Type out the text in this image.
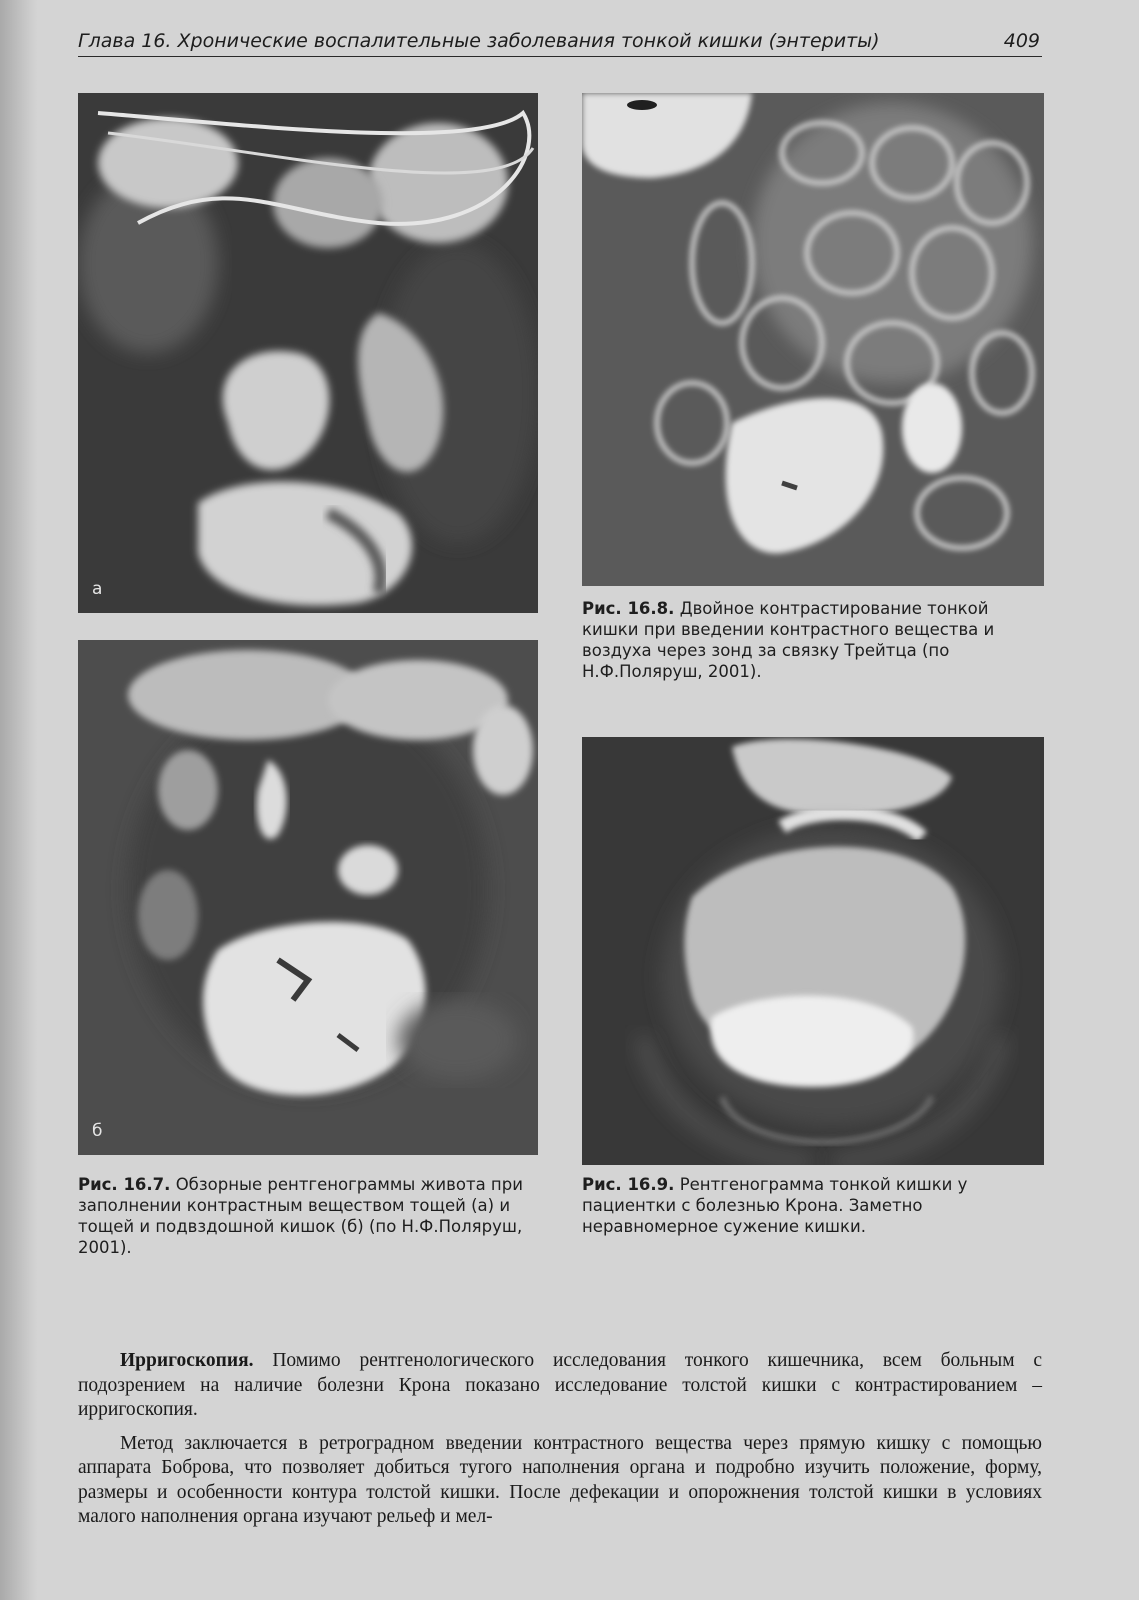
Глава 16. Хронические воспалительные заболевания тонкой кишки (энтериты)	409
а
б
Рис. 16.7. Обзорные рентгенограммы живота при заполнении контрастным веществом тощей (а) и тощей и подвздошной кишок (б) (по Н.Ф.Поляруш, 2001).
Рис. 16.8. Двойное контрастирование тонкой кишки при введении контрастного вещества и воздуха через зонд за связку Трейтца (по Н.Ф.Поляруш, 2001).
Рис. 16.9. Рентгенограмма тонкой кишки у пациентки с болезнью Крона. Заметно неравномерное сужение кишки.

Ирригоскопия. Помимо рентгенологического исследования тонкого кишечника, всем больным с подозрением на наличие болезни Крона показано исследование толстой кишки с контрастированием – ирригоскопия.

Метод заключается в ретроградном введении контрастного вещества через прямую кишку с помощью аппарата Боброва, что позволяет добиться тугого наполнения органа и подробно изучить положение, форму, размеры и особенности контура толстой кишки. После дефекации и опорожнения толстой кишки в условиях малого наполнения органа изучают рельеф и мел-
